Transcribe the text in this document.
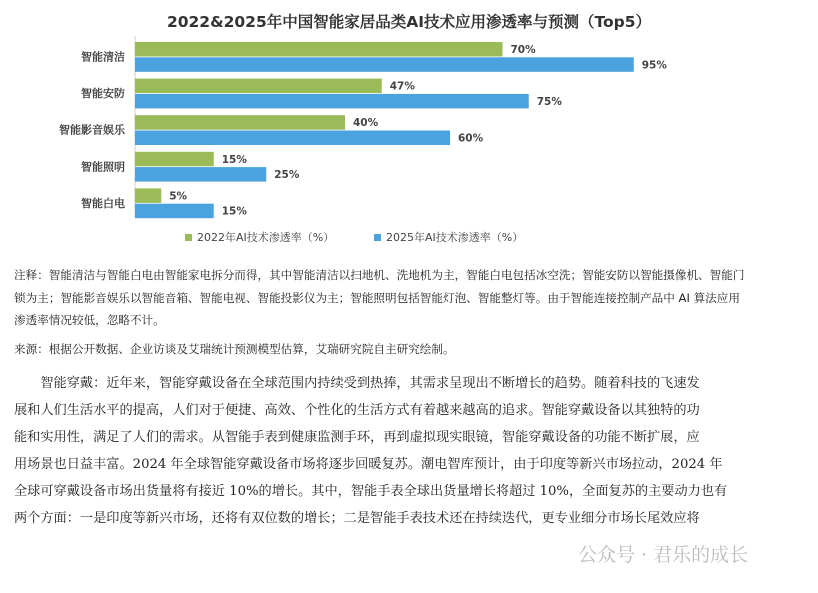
2022&2025年中国智能家居品类AI技术应用渗透率与预测（Top5）
智能清洁
70%
95%
智能安防
47%
75%
智能影音娱乐
40%
60%
智能照明
15%
25%
智能白电
5%
15%
2022年AI技术渗透率（%）	2025年AI技术渗透率（%）
注释：智能清洁与智能白电由智能家电拆分而得，其中智能清洁以扫地机、洗地机为主，智能白电包括冰空洗；智能安防以智能摄像机、智能门
锁为主；智能影音娱乐以智能音箱、智能电视、智能投影仪为主；智能照明包括智能灯泡、智能整灯等。由于智能连接控制产品中 AI 算法应用
渗透率情况较低，忽略不计。
来源：根据公开数据、企业访谈及艾瑞统计预测模型估算，艾瑞研究院自主研究绘制。
　　智能穿戴：近年来，智能穿戴设备在全球范围内持续受到热捧，其需求呈现出不断增长的趋势。随着科技的飞速发
展和人们生活水平的提高，人们对于便捷、高效、个性化的生活方式有着越来越高的追求。智能穿戴设备以其独特的功
能和实用性，满足了人们的需求。从智能手表到健康监测手环，再到虚拟现实眼镜，智能穿戴设备的功能不断扩展，应
用场景也日益丰富。2024 年全球智能穿戴设备市场将逐步回暖复苏。潮电智库预计，由于印度等新兴市场拉动，2024 年
全球可穿戴设备市场出货量将有接近 10%的增长。其中，智能手表全球出货量增长将超过 10%，全面复苏的主要动力也有
两个方面：一是印度等新兴市场，还将有双位数的增长；二是智能手表技术还在持续迭代，更专业细分市场长尾效应将
公众号 · 君乐的成长
